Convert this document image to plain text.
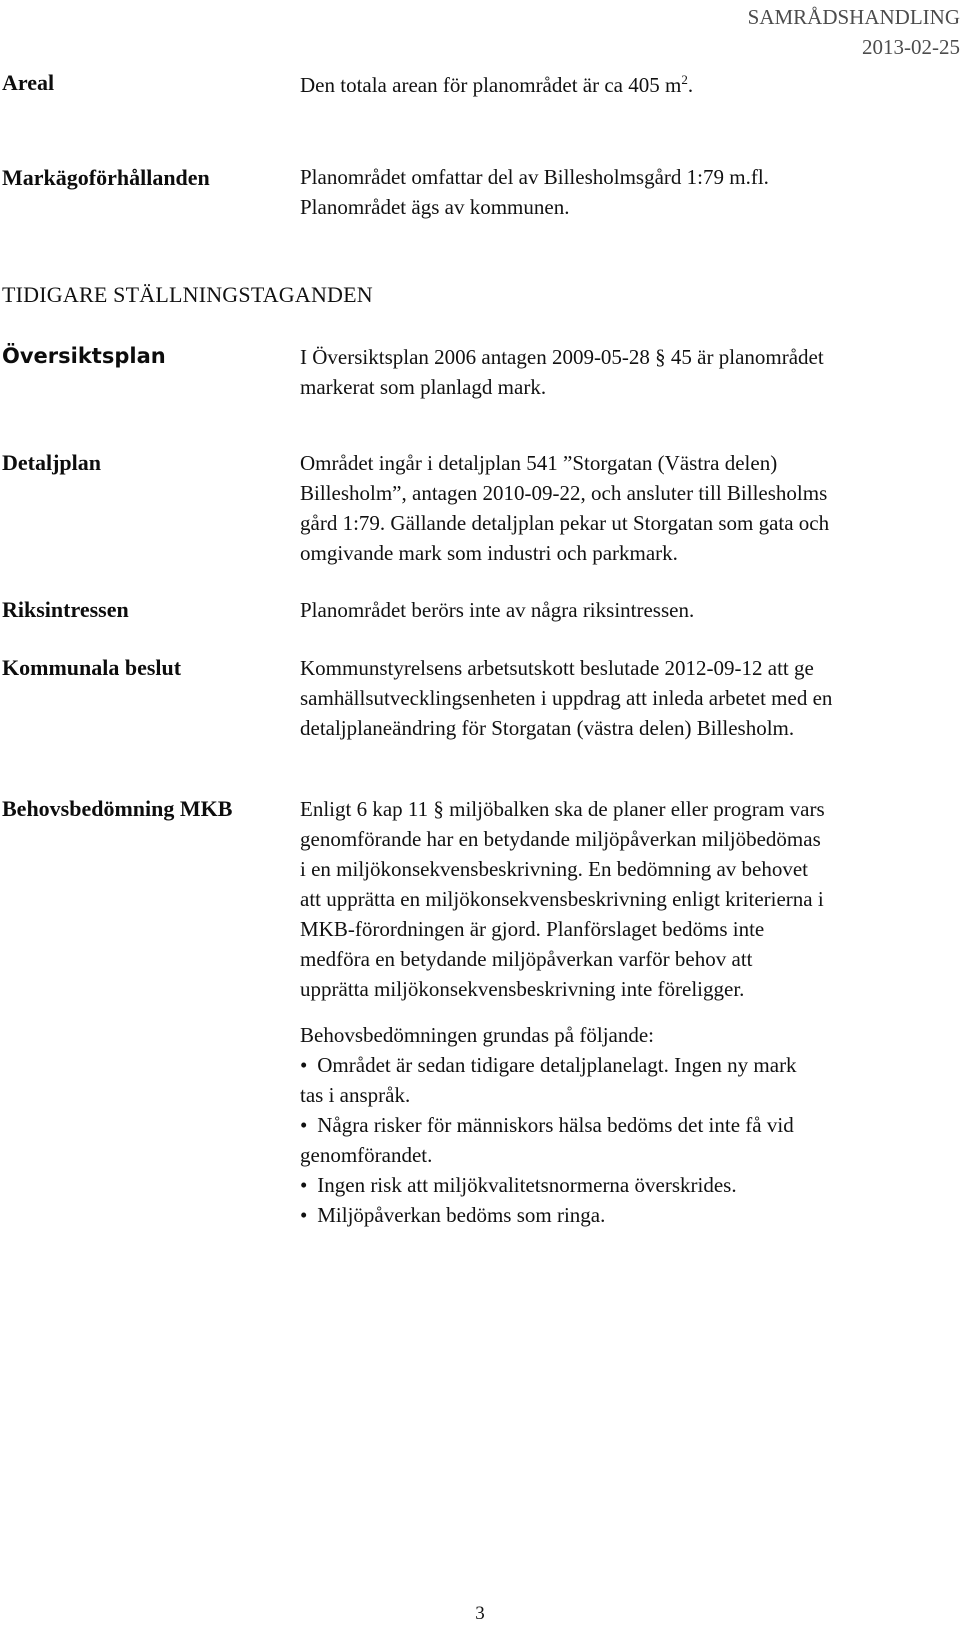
SAMRÅDSHANDLING
2013-02-25
Areal	Den totala arean för planområdet är ca 405 $m^2$.
Markägoförhållanden	Planområdet omfattar del av Billesholmsgård 1:79 m.fl.

Planområdet ägs av kommunen.

TIDIGARE STÄLLNINGSTAGANDEN
Översiktsplan	I Översiktsplan 2006 antagen 2009-05-28 § 45 är planområdet

markerat som planlagd mark.

Detaljplan	Området ingår i detaljplan 541 ”Storgatan (Västra delen)

Billesholm”, antagen 2010-09-22, och ansluter till Billesholms

gård 1:79. Gällande detaljplan pekar ut Storgatan som gata och

omgivande mark som industri och parkmark.

Riksintressen	Planområdet berörs inte av några riksintressen.
Kommunala beslut	Kommunstyrelsens arbetsutskott beslutade 2012-09-12 att ge

samhällsutvecklingsenheten i uppdrag att inleda arbetet med en

detaljplaneändring för Storgatan (västra delen) Billesholm.

Behovsbedömning MKB	Enligt 6 kap 11 § miljöbalken ska de planer eller program vars

genomförande har en betydande miljöpåverkan miljöbedömas

i en miljökonsekvensbeskrivning. En bedömning av behovet

att upprätta en miljökonsekvensbeskrivning enligt kriterierna i

MKB-förordningen är gjord. Planförslaget bedöms inte

medföra en betydande miljöpåverkan varför behov att

upprätta miljökonsekvensbeskrivning inte föreligger.

Behovsbedömningen grundas på följande:

• Området är sedan tidigare detaljplanelagt. Ingen ny mark
tas i anspråk.
• Några risker för människors hälsa bedöms det inte få vid
genomförandet.
• Ingen risk att miljökvalitetsnormerna överskrides.
• Miljöpåverkan bedöms som ringa.
3
